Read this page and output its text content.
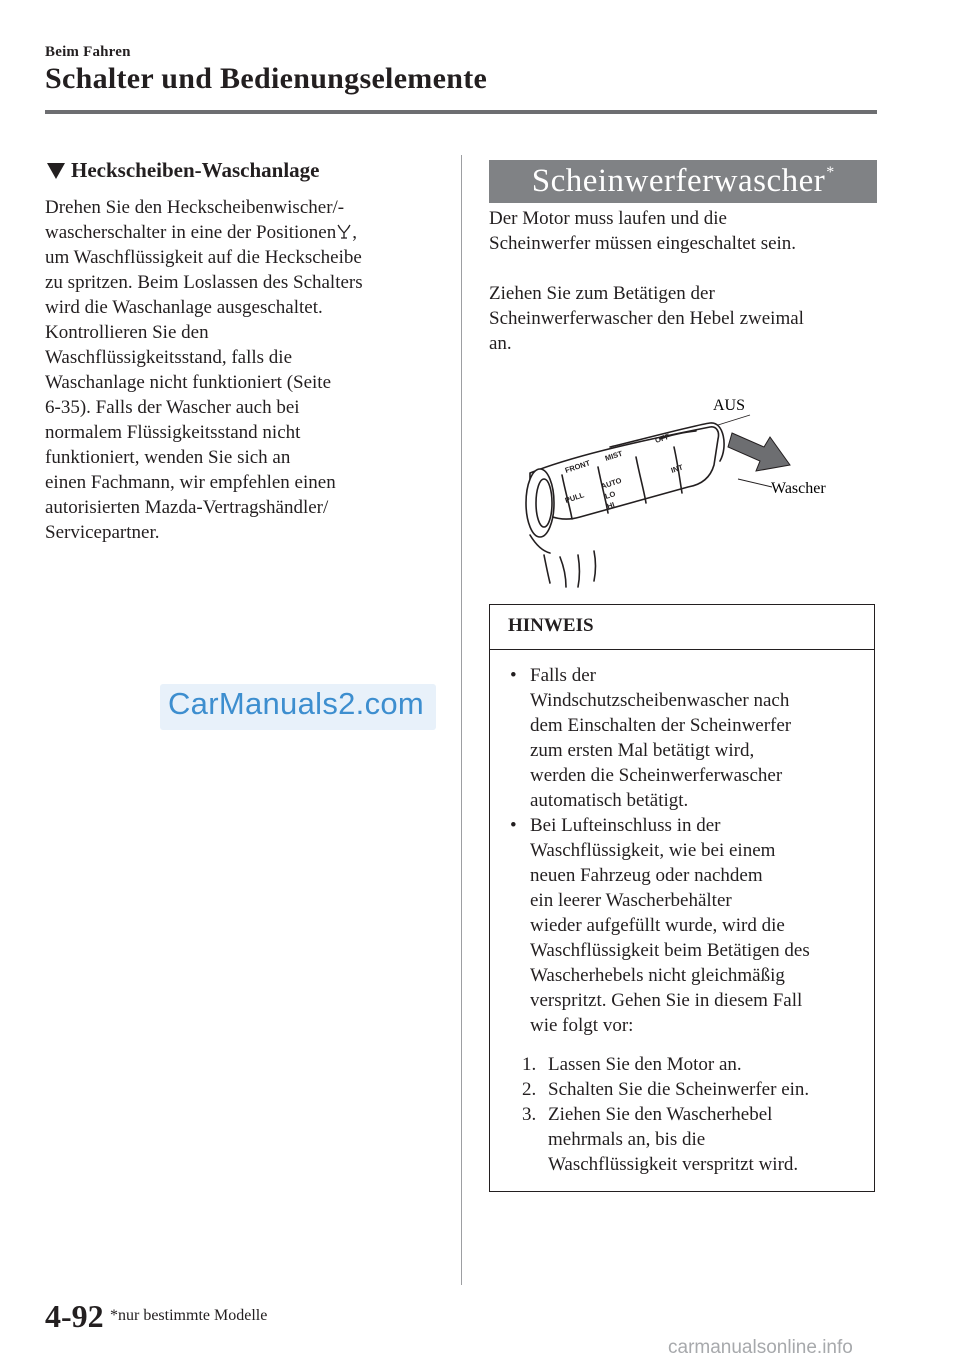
Beim Fahren
Schalter und Bedienungselemente
Heckscheiben-Waschanlage
Drehen Sie den Heckscheibenwischer/-
wascherschalter in eine der Positionen ,
um Waschflüssigkeit auf die Heckscheibe
zu spritzen. Beim Loslassen des Schalters
wird die Waschanlage ausgeschaltet.
Kontrollieren Sie den
Waschflüssigkeitsstand, falls die
Waschanlage nicht funktioniert (Seite
6-35). Falls der Wascher auch bei
normalem Flüssigkeitsstand nicht
funktioniert, wenden Sie sich an
einen Fachmann, wir empfehlen einen
autorisierten Mazda-Vertragshändler/
Servicepartner.
CarManuals2.com
Scheinwerferwascher*
Der Motor muss laufen und die
Scheinwerfer müssen eingeschaltet sein.
Ziehen Sie zum Betätigen der
Scheinwerferwascher den Hebel zweimal
an.
FRONT
MIST
OFF
INT
AUTO
LO
HI
PULL
AUS
Wascher
HINWEIS
• Falls der
Windschutzscheibenwascher nach
dem Einschalten der Scheinwerfer
zum ersten Mal betätigt wird,
werden die Scheinwerferwascher
automatisch betätigt.
• Bei Lufteinschluss in der
Waschflüssigkeit, wie bei einem
neuen Fahrzeug oder nachdem
ein leerer Wascherbehälter
wieder aufgefüllt wurde, wird die
Waschflüssigkeit beim Betätigen des
Wascherhebels nicht gleichmäßig
verspritzt. Gehen Sie in diesem Fall
wie folgt vor:
1. Lassen Sie den Motor an.
2. Schalten Sie die Scheinwerfer ein.
3. Ziehen Sie den Wascherhebel
mehrmals an, bis die
Waschflüssigkeit verspritzt wird.
4-92 *nur bestimmte Modelle
carmanualsonline.info
